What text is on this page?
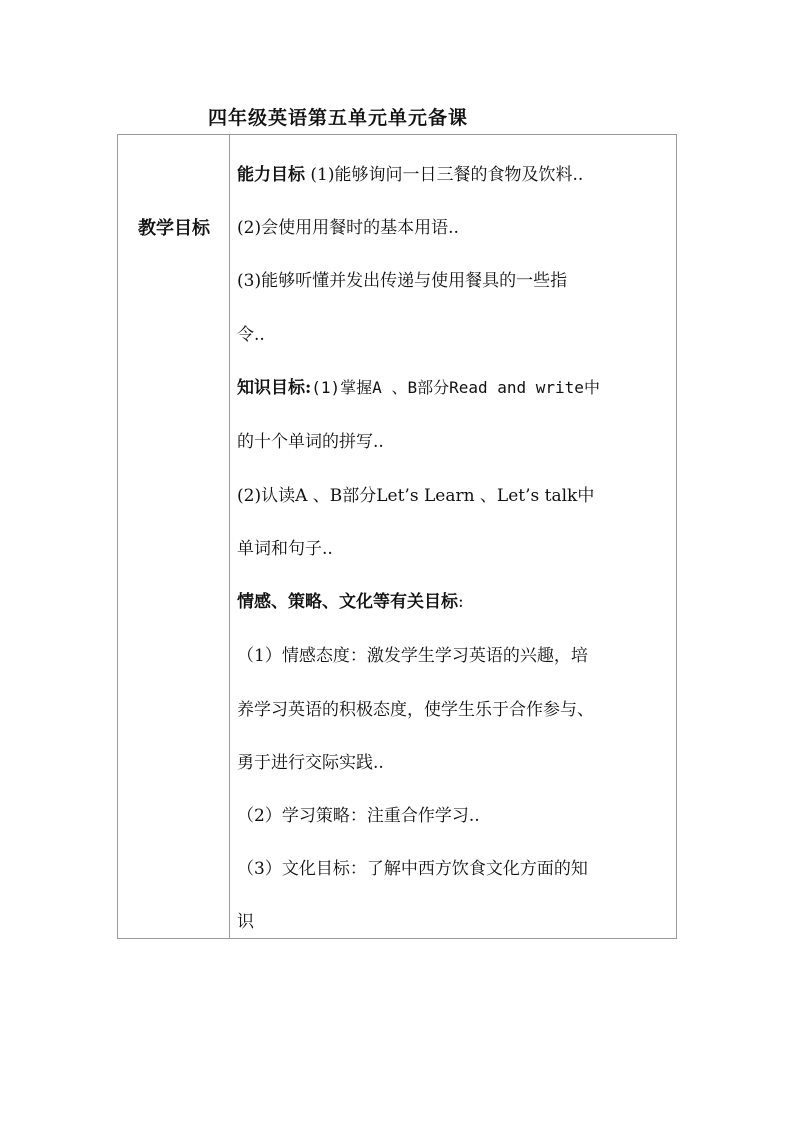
四年级英语第五单元单元备课
教学目标
能力目标 (1)能够询问一日三餐的食物及饮料..
(2)会使用用餐时的基本用语..
(3)能够听懂并发出传递与使用餐具的一些指
令..
知识目标:(1)掌握A 、B部分Read and write中
的十个单词的拼写..
(2)认读A 、B部分Let’s Learn 、Let’s talk中
单词和句子..
情感、策略、文化等有关目标:
（1）情感态度：激发学生学习英语的兴趣，培
养学习英语的积极态度，使学生乐于合作参与、
勇于进行交际实践..
（2）学习策略：注重合作学习..
（3）文化目标：了解中西方饮食文化方面的知
识
